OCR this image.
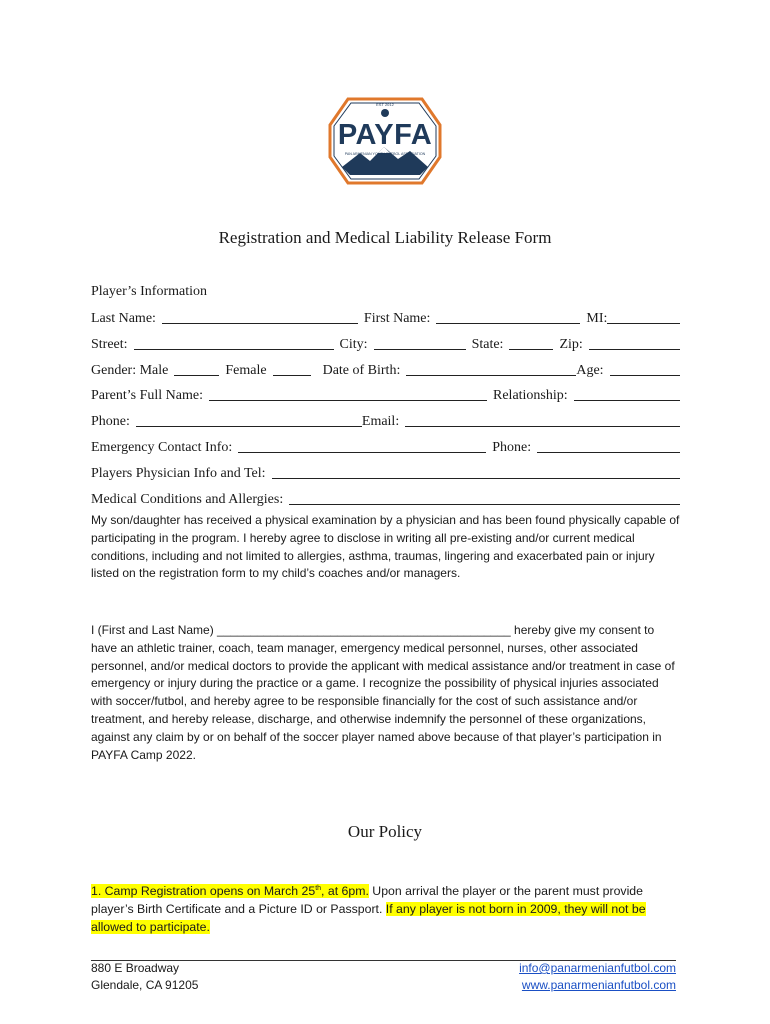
PAYFA
EST 2012
PAN ARMENIAN YOUTH FUTBOL ASSOCIATION
Registration and Medical Liability Release Form
Player’s Information
Last Name:	First Name:	MI:
Street:	City:	State:	Zip:
Gender: Male	Female	Date of Birth:	Age:
Parent’s Full Name:	Relationship:
Phone:	Email:
Emergency Contact Info:	Phone:
Players Physician Info and Tel:
Medical Conditions and Allergies:
My son/daughter has received a physical examination by a physician and has been found physically capable of participating in the program. I hereby agree to disclose in writing all pre-existing and/or current medical conditions, including and not limited to allergies, asthma, traumas, lingering and exacerbated pain or injury listed on the registration form to my child’s coaches and/or managers.
I (First and Last Name) ____________________________________________ hereby give my consent to have an athletic trainer, coach, team manager, emergency medical personnel, nurses, other associated personnel, and/or medical doctors to provide the applicant with medical assistance and/or treatment in case of emergency or injury during the practice or a game. I recognize the possibility of physical injuries associated with soccer/futbol, and hereby agree to be responsible financially for the cost of such assistance and/or treatment, and hereby release, discharge, and otherwise indemnify the personnel of these organizations, against any claim by or on behalf of the soccer player named above because of that player’s participation in PAYFA Camp 2022.
Our Policy
1. Camp Registration opens on March 25th, at 6pm. Upon arrival the player or the parent must provide player’s Birth Certificate and a Picture ID or Passport. If any player is not born in 2009, they will not be allowed to participate.
880 E Broadway
Glendale, CA 91205
info@panarmenianfutbol.com
www.panarmenianfutbol.com
